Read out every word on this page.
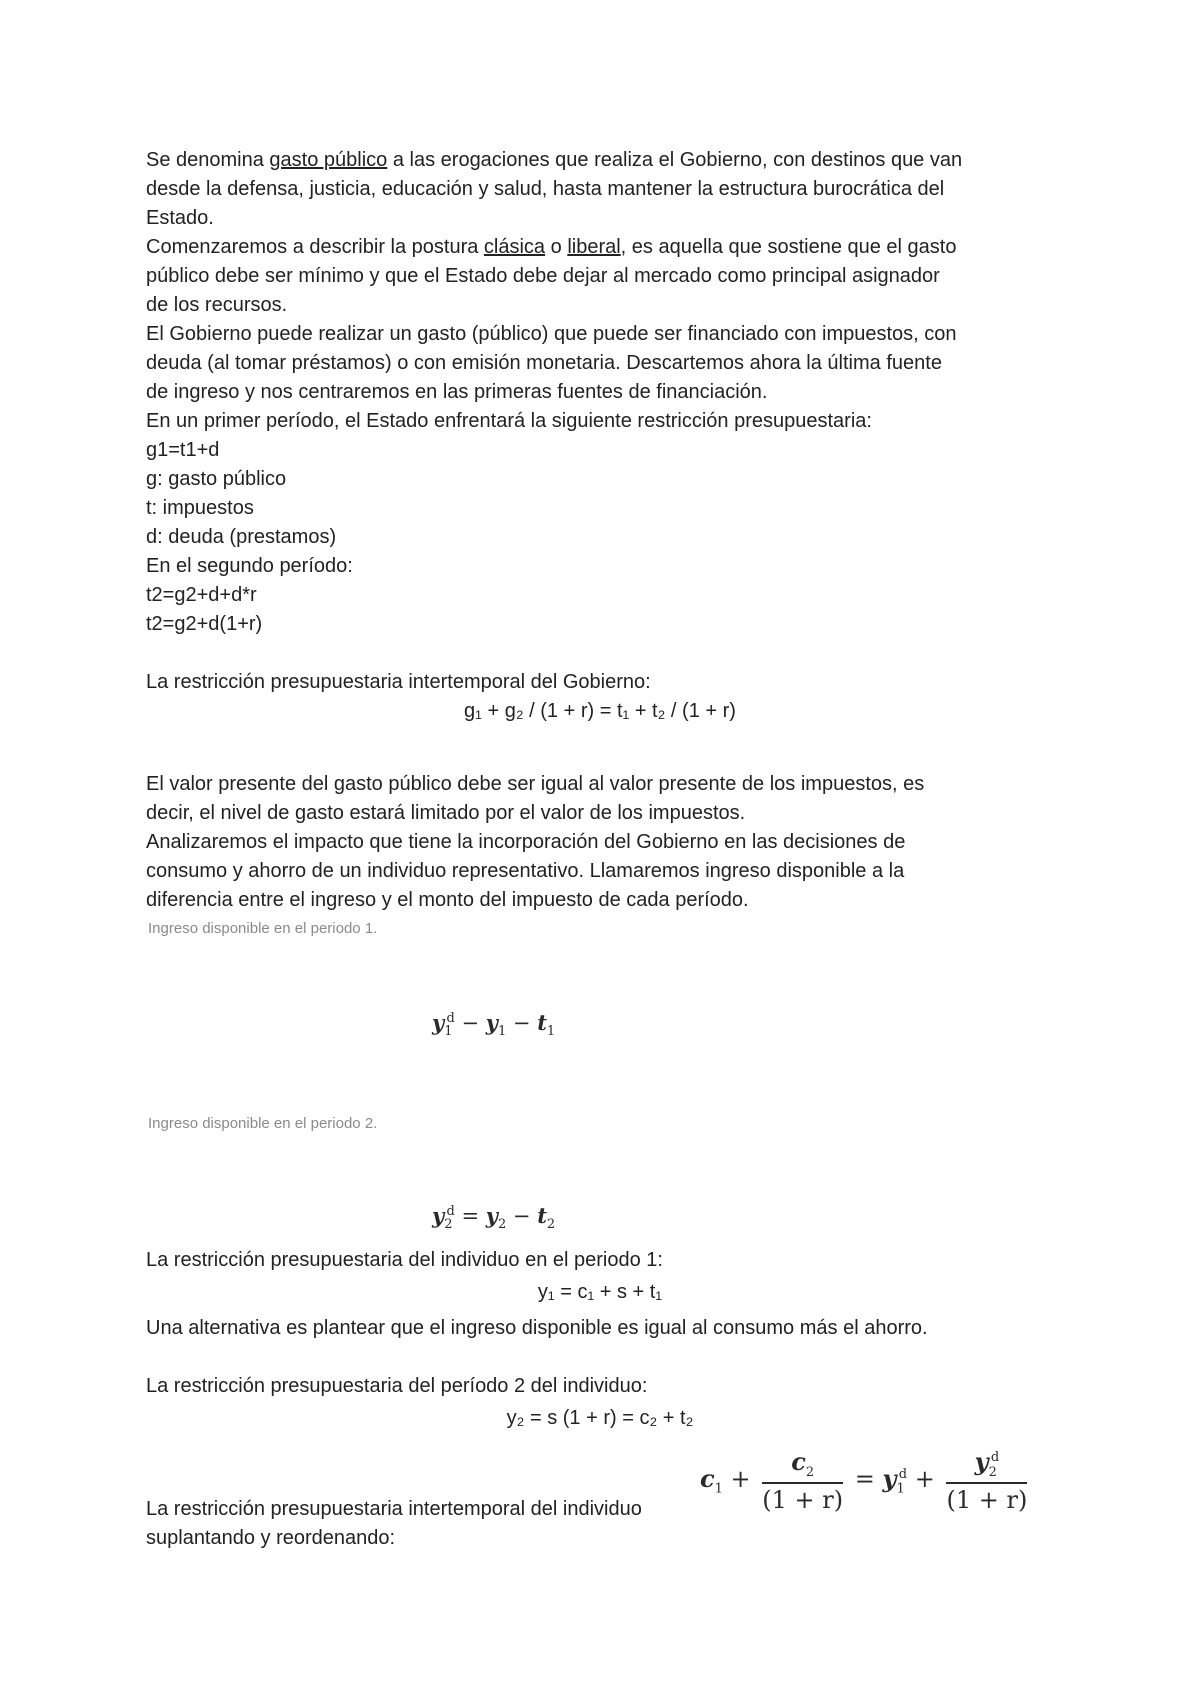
Se denomina gasto público a las erogaciones que realiza el Gobierno, con destinos que van
desde la defensa, justicia, educación y salud, hasta mantener la estructura burocrática del
Estado.
Comenzaremos a describir la postura clásica o liberal, es aquella que sostiene que el gasto
público debe ser mínimo y que el Estado debe dejar al mercado como principal asignador
de los recursos.
El Gobierno puede realizar un gasto (público) que puede ser financiado con impuestos, con
deuda (al tomar préstamos) o con emisión monetaria. Descartemos ahora la última fuente
de ingreso y nos centraremos en las primeras fuentes de financiación.
En un primer período, el Estado enfrentará la siguiente restricción presupuestaria:
g1=t1+d
g: gasto público
t: impuestos
d: deuda (prestamos)
En el segundo período:
t2=g2+d+d*r
t2=g2+d(1+r)
La restricción presupuestaria intertemporal del Gobierno:
g₁ + g₂ / (1 + r) = t₁ + t₂ / (1 + r)
El valor presente del gasto público debe ser igual al valor presente de los impuestos, es
decir, el nivel de gasto estará limitado por el valor de los impuestos.
Analizaremos el impacto que tiene la incorporación del Gobierno en las decisiones de
consumo y ahorro de un individuo representativo. Llamaremos ingreso disponible a la
diferencia entre el ingreso y el monto del impuesto de cada período.
Ingreso disponible en el periodo 1.
$y_1^d - y_1 - t_1$
Ingreso disponible en el periodo 2.
$y_2^d = y_2 - t_2$
La restricción presupuestaria del individuo en el periodo 1:
y₁ = c₁ + s + t₁
Una alternativa es plantear que el ingreso disponible es igual al consumo más el ahorro.
La restricción presupuestaria del período 2 del individuo:
y₂ = s (1 + r) = c₂ + t₂
$c_1 + \frac{c_2}{(1 + r)} = y_1^d + \frac{y_2^d}{(1 + r)}$
La restricción presupuestaria intertemporal del individuo
suplantando y reordenando:
